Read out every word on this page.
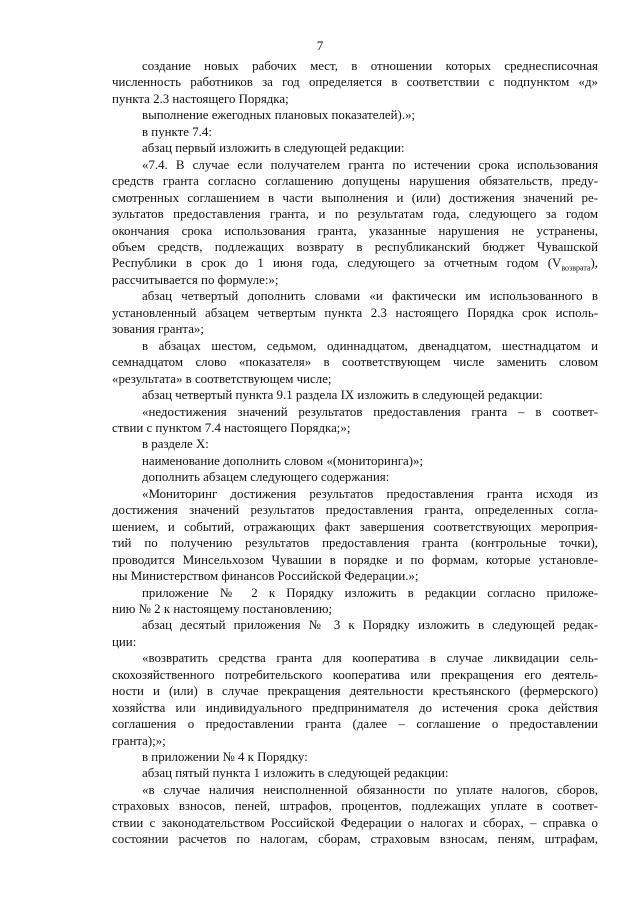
7

создание новых рабочих мест, в отношении которых среднесписочная
численность работников за год определяется в соответствии с подпунктом «д»
пункта 2.3 настоящего Порядка;

выполнение ежегодных плановых показателей).»;

в пункте 7.4:

абзац первый изложить в следующей редакции:

«7.4. В случае если получателем гранта по истечении срока использования
средств гранта согласно соглашению допущены нарушения обязательств, преду-
смотренных соглашением в части выполнения и (или) достижения значений ре-
зультатов предоставления гранта, и по результатам года, следующего за годом
окончания срока использования гранта, указанные нарушения не устранены,
объем средств, подлежащих возврату в республиканский бюджет Чувашской
Республики в срок до 1 июня года, следующего за отчетным годом $(V_{возврата})$,
рассчитывается по формуле:»;

абзац четвертый дополнить словами «и фактически им использованного в
установленный абзацем четвертым пункта 2.3 настоящего Порядка срок исполь-
зования гранта»;

в абзацах шестом, седьмом, одиннадцатом, двенадцатом, шестнадцатом и
семнадцатом слово «показателя» в соответствующем числе заменить словом
«результата» в соответствующем числе;

абзац четвертый пункта 9.1 раздела IX изложить в следующей редакции:

«недостижения значений результатов предоставления гранта – в соответ-
ствии с пунктом 7.4 настоящего Порядка;»;

в разделе X:

наименование дополнить словом «(мониторинга)»;

дополнить абзацем следующего содержания:

«Мониторинг достижения результатов предоставления гранта исходя из
достижения значений результатов предоставления гранта, определенных согла-
шением, и событий, отражающих факт завершения соответствующих мероприя-
тий по получению результатов предоставления гранта (контрольные точки),
проводится Минсельхозом Чувашии в порядке и по формам, которые установле-
ны Министерством финансов Российской Федерации.»;

приложение № 2 к Порядку изложить в редакции согласно приложе-
нию № 2 к настоящему постановлению;

абзац десятый приложения № 3 к Порядку изложить в следующей редак-
ции:

«возвратить средства гранта для кооператива в случае ликвидации сель-
скохозяйственного потребительского кооператива или прекращения его деятель-
ности и (или) в случае прекращения деятельности крестьянского (фермерского)
хозяйства или индивидуального предпринимателя до истечения срока действия
соглашения о предоставлении гранта (далее – соглашение о предоставлении
гранта);»;

в приложении № 4 к Порядку:

абзац пятый пункта 1 изложить в следующей редакции:

«в случае наличия неисполненной обязанности по уплате налогов, сборов,
страховых взносов, пеней, штрафов, процентов, подлежащих уплате в соответ-
ствии с законодательством Российской Федерации о налогах и сборах, – справка о
состоянии расчетов по налогам, сборам, страховым взносам, пеням, штрафам,
